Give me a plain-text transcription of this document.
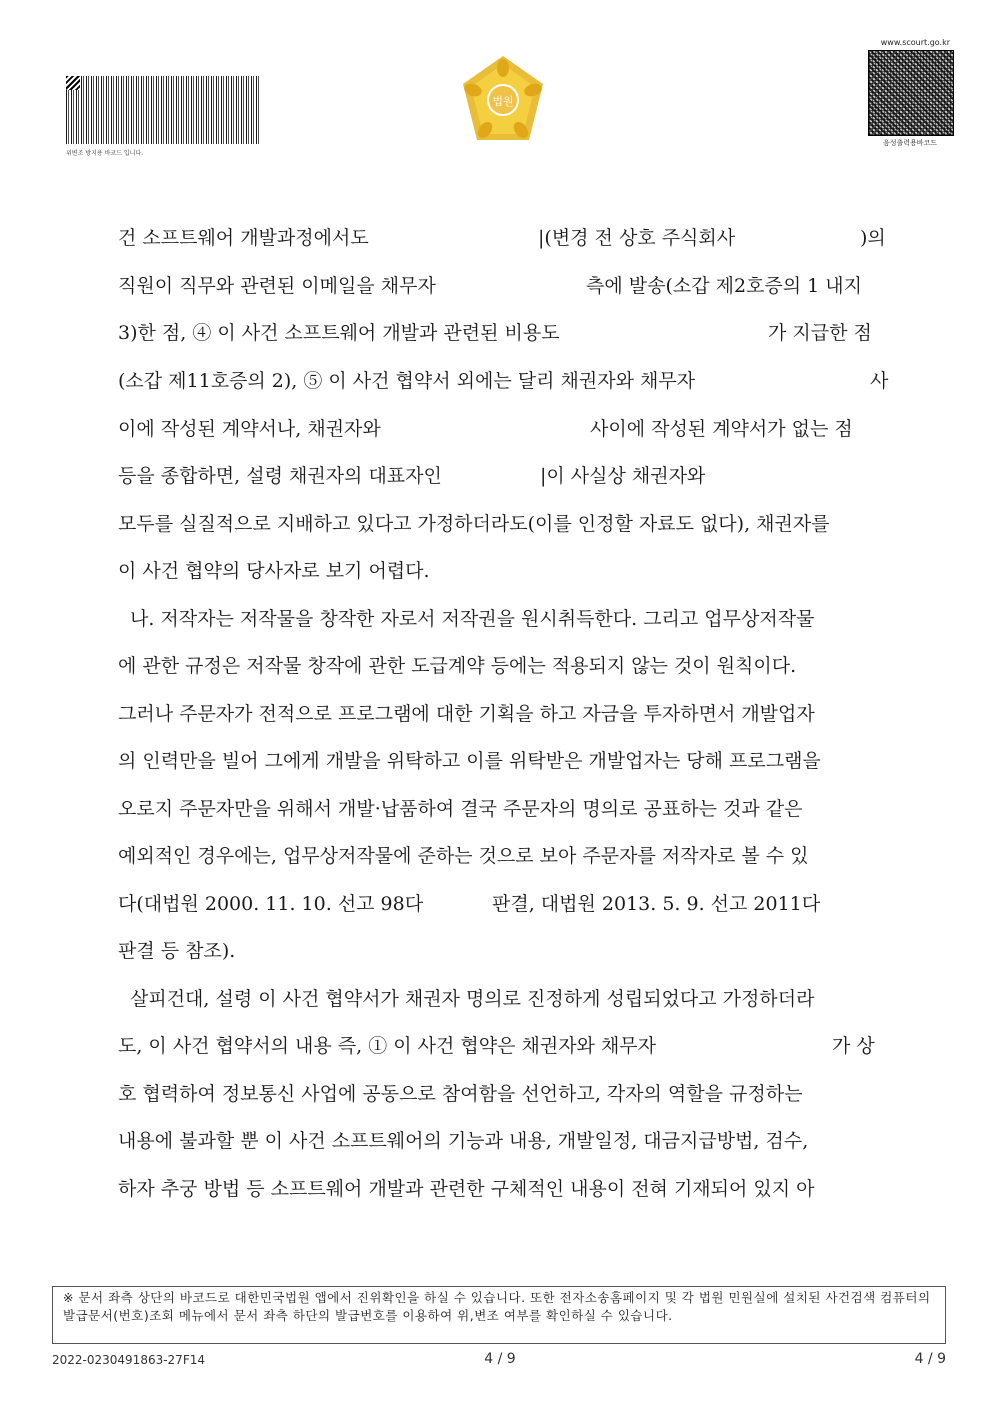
위변조 방지용 바코드 입니다.
법원
www.scourt.go.kr
음성출력용바코드
건 소프트웨어 개발과정에서도	|(변경 전 상호 주식회사	)의
직원이 직무와 관련된 이메일을 채무자	측에 발송(소갑 제2호증의 1 내지
3)한 점, ④ 이 사건 소프트웨어 개발과 관련된 비용도	가 지급한 점
(소갑 제11호증의 2), ⑤ 이 사건 협약서 외에는 달리 채권자와 채무자	사
이에 작성된 계약서나, 채권자와	사이에 작성된 계약서가 없는 점
등을 종합하면, 설령 채권자의 대표자인	|이 사실상 채권자와
모두를 실질적으로 지배하고 있다고 가정하더라도(이를 인정할 자료도 없다), 채권자를
이 사건 협약의 당사자로 보기 어렵다.
나. 저작자는 저작물을 창작한 자로서 저작권을 원시취득한다. 그리고 업무상저작물
에 관한 규정은 저작물 창작에 관한 도급계약 등에는 적용되지 않는 것이 원칙이다.
그러나 주문자가 전적으로 프로그램에 대한 기획을 하고 자금을 투자하면서 개발업자
의 인력만을 빌어 그에게 개발을 위탁하고 이를 위탁받은 개발업자는 당해 프로그램을
오로지 주문자만을 위해서 개발·납품하여 결국 주문자의 명의로 공표하는 것과 같은
예외적인 경우에는, 업무상저작물에 준하는 것으로 보아 주문자를 저작자로 볼 수 있
다(대법원 2000. 11. 10. 선고 98다	판결, 대법원 2013. 5. 9. 선고 2011다
판결 등 참조).
살피건대, 설령 이 사건 협약서가 채권자 명의로 진정하게 성립되었다고 가정하더라
도, 이 사건 협약서의 내용 즉, ① 이 사건 협약은 채권자와 채무자	가 상
호 협력하여 정보통신 사업에 공동으로 참여함을 선언하고, 각자의 역할을 규정하는
내용에 불과할 뿐 이 사건 소프트웨어의 기능과 내용, 개발일정, 대금지급방법, 검수,
하자 추궁 방법 등 소프트웨어 개발과 관련한 구체적인 내용이 전혀 기재되어 있지 아
※ 문서 좌측 상단의 바코드로 대한민국법원 앱에서 진위확인을 하실 수 있습니다. 또한 전자소송홈페이지 및 각 법원 민원실에 설치된 사건검색 컴퓨터의 발급문서(번호)조회 메뉴에서 문서 좌측 하단의 발급번호를 이용하여 위,변조 여부를 확인하실 수 있습니다.
2022-0230491863-27F14	4 / 9	4 / 9
